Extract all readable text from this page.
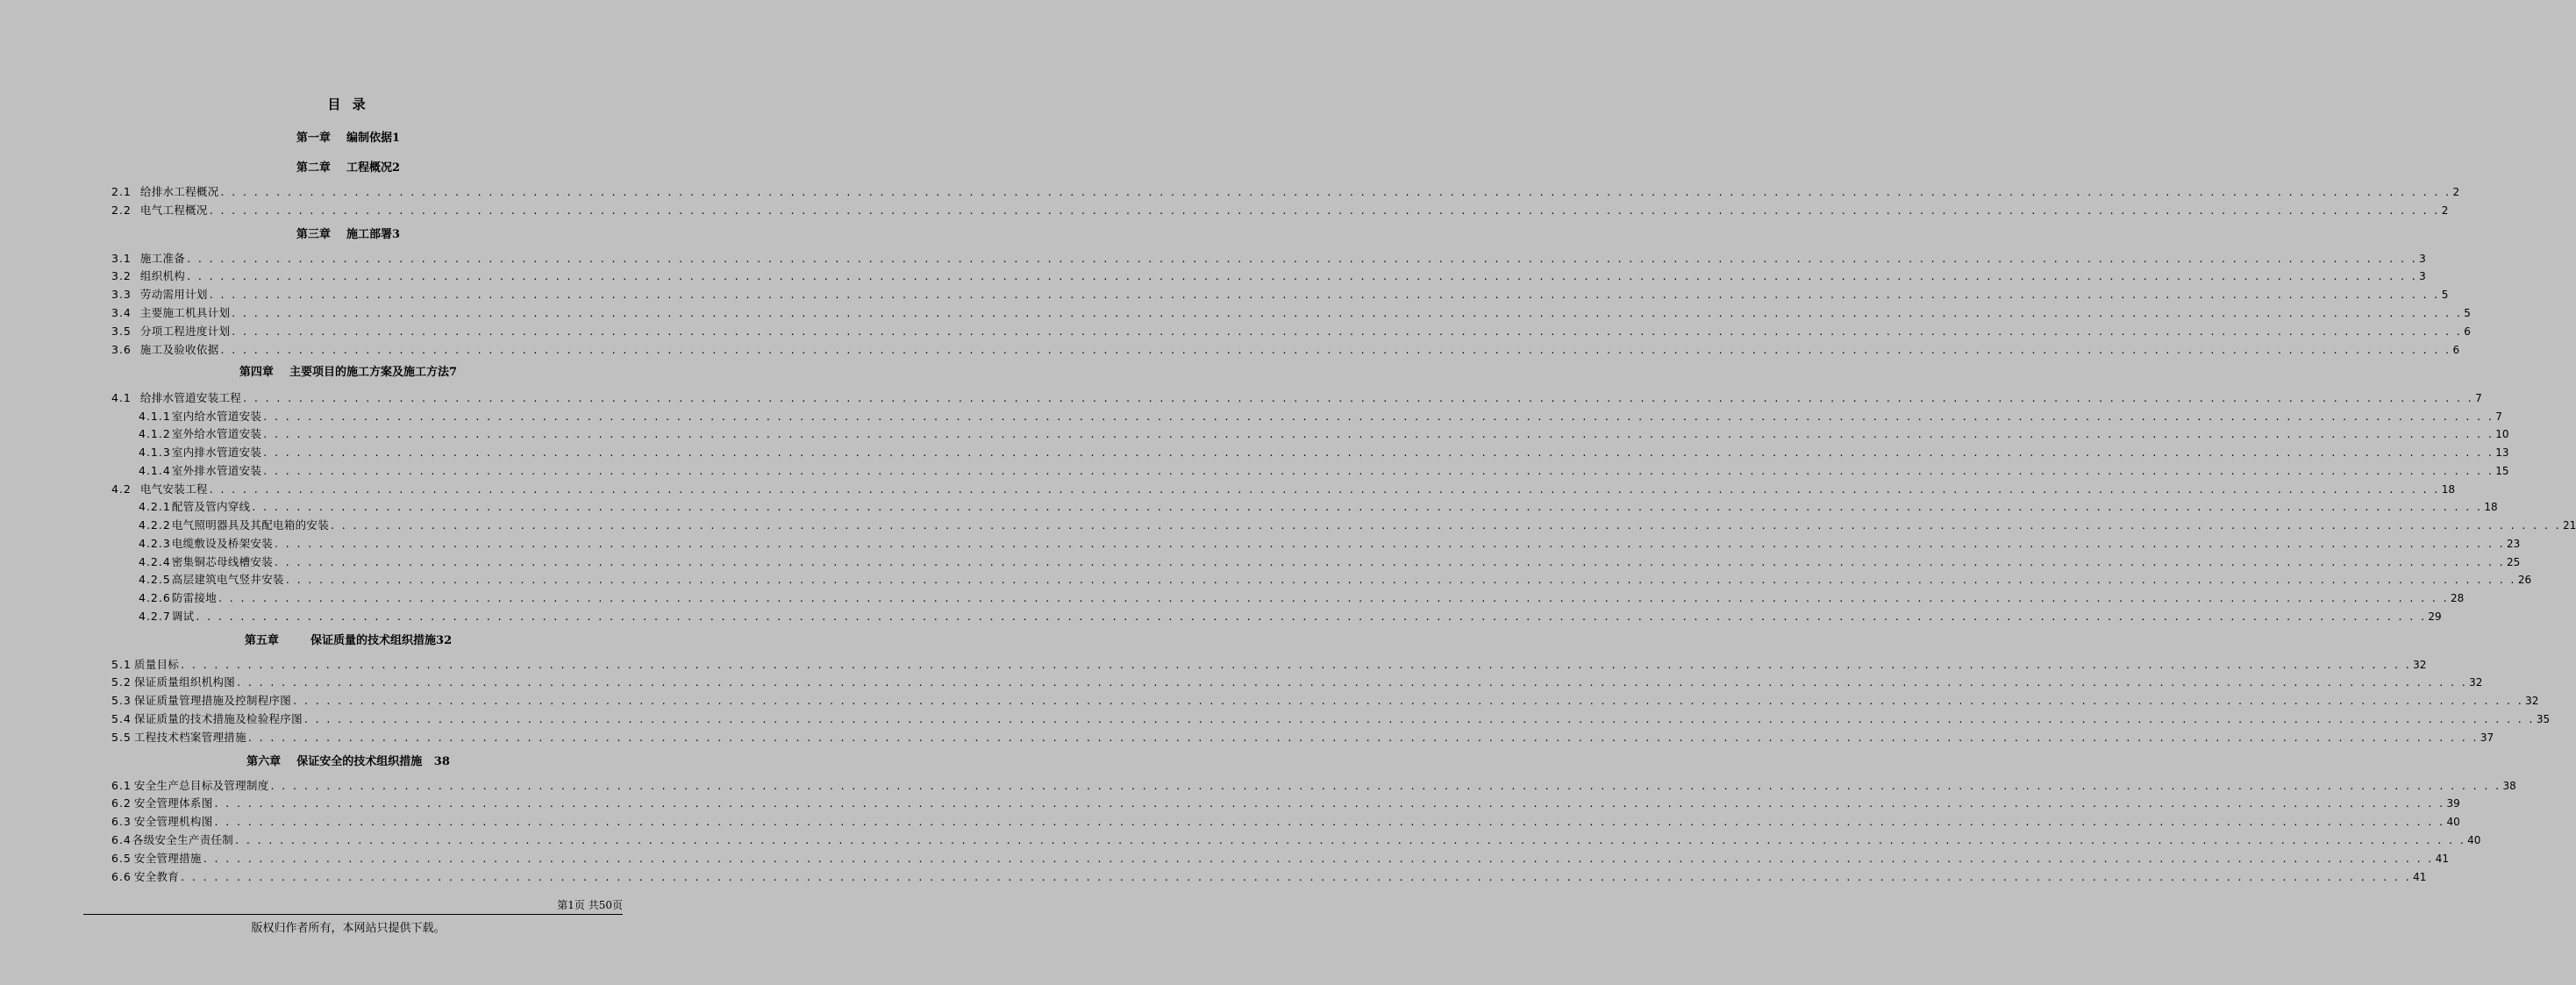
目 录
第一章    编制依据1
第二章    工程概况2
第三章    施工部署3
第四章    主要项目的施工方案及施工方法7
第五章        保证质量的技术组织措施32
第六章    保证安全的技术组织措施   38
2.1 给排水工程概况 . . . . . . . . . . . . . . . . . . . . . . . . . . . . . . . . . . . . . . . . . . . . . . . . . . . . . . . . . . . . . . . . . . . . . . . . . . . . . . . . . . . . . . . . . . . . . . . . . . . . . . . . . . . . . . . . . . . . . . . . . . . . . . . . . . . . . . . . . . . . . . . . . . . . . . . . . . . . . . . . . . . . . . . . . . . . . . . . . . . . . . . . . . . . . . . . . . . . . . . . 2
2.2 电气工程概况 . . . . . . . . . . . . . . . . . . . . . . . . . . . . . . . . . . . . . . . . . . . . . . . . . . . . . . . . . . . . . . . . . . . . . . . . . . . . . . . . . . . . . . . . . . . . . . . . . . . . . . . . . . . . . . . . . . . . . . . . . . . . . . . . . . . . . . . . . . . . . . . . . . . . . . . . . . . . . . . . . . . . . . . . . . . . . . . . . . . . . . . . . . . . . . . . . . . . . . . . 2
3.1 施工准备 . . . . . . . . . . . . . . . . . . . . . . . . . . . . . . . . . . . . . . . . . . . . . . . . . . . . . . . . . . . . . . . . . . . . . . . . . . . . . . . . . . . . . . . . . . . . . . . . . . . . . . . . . . . . . . . . . . . . . . . . . . . . . . . . . . . . . . . . . . . . . . . . . . . . . . . . . . . . . . . . . . . . . . . . . . . . . . . . . . . . . . . . . . . . . . . . . . . . . . . . 3
3.2 组织机构 . . . . . . . . . . . . . . . . . . . . . . . . . . . . . . . . . . . . . . . . . . . . . . . . . . . . . . . . . . . . . . . . . . . . . . . . . . . . . . . . . . . . . . . . . . . . . . . . . . . . . . . . . . . . . . . . . . . . . . . . . . . . . . . . . . . . . . . . . . . . . . . . . . . . . . . . . . . . . . . . . . . . . . . . . . . . . . . . . . . . . . . . . . . . . . . . . . . . . . . . 3
3.3 劳动需用计划 . . . . . . . . . . . . . . . . . . . . . . . . . . . . . . . . . . . . . . . . . . . . . . . . . . . . . . . . . . . . . . . . . . . . . . . . . . . . . . . . . . . . . . . . . . . . . . . . . . . . . . . . . . . . . . . . . . . . . . . . . . . . . . . . . . . . . . . . . . . . . . . . . . . . . . . . . . . . . . . . . . . . . . . . . . . . . . . . . . . . . . . . . . . . . . . . . . . . . . . . 5
3.4 主要施工机具计划 . . . . . . . . . . . . . . . . . . . . . . . . . . . . . . . . . . . . . . . . . . . . . . . . . . . . . . . . . . . . . . . . . . . . . . . . . . . . . . . . . . . . . . . . . . . . . . . . . . . . . . . . . . . . . . . . . . . . . . . . . . . . . . . . . . . . . . . . . . . . . . . . . . . . . . . . . . . . . . . . . . . . . . . . . . . . . . . . . . . . . . . . . . . . . . . . . . . . . . . . 5
3.5 分项工程进度计划 . . . . . . . . . . . . . . . . . . . . . . . . . . . . . . . . . . . . . . . . . . . . . . . . . . . . . . . . . . . . . . . . . . . . . . . . . . . . . . . . . . . . . . . . . . . . . . . . . . . . . . . . . . . . . . . . . . . . . . . . . . . . . . . . . . . . . . . . . . . . . . . . . . . . . . . . . . . . . . . . . . . . . . . . . . . . . . . . . . . . . . . . . . . . . . . . . . . . . . . . 6
3.6 施工及验收依据 . . . . . . . . . . . . . . . . . . . . . . . . . . . . . . . . . . . . . . . . . . . . . . . . . . . . . . . . . . . . . . . . . . . . . . . . . . . . . . . . . . . . . . . . . . . . . . . . . . . . . . . . . . . . . . . . . . . . . . . . . . . . . . . . . . . . . . . . . . . . . . . . . . . . . . . . . . . . . . . . . . . . . . . . . . . . . . . . . . . . . . . . . . . . . . . . . . . . . . . . 6
4.1 给排水管道安装工程 . . . . . . . . . . . . . . . . . . . . . . . . . . . . . . . . . . . . . . . . . . . . . . . . . . . . . . . . . . . . . . . . . . . . . . . . . . . . . . . . . . . . . . . . . . . . . . . . . . . . . . . . . . . . . . . . . . . . . . . . . . . . . . . . . . . . . . . . . . . . . . . . . . . . . . . . . . . . . . . . . . . . . . . . . . . . . . . . . . . . . . . . . . . . . . . . . . . . . . . . 7
4.1.1 室内给水管道安装 . . . . . . . . . . . . . . . . . . . . . . . . . . . . . . . . . . . . . . . . . . . . . . . . . . . . . . . . . . . . . . . . . . . . . . . . . . . . . . . . . . . . . . . . . . . . . . . . . . . . . . . . . . . . . . . . . . . . . . . . . . . . . . . . . . . . . . . . . . . . . . . . . . . . . . . . . . . . . . . . . . . . . . . . . . . . . . . . . . . . . . . . . . . . . . . . . . . . . . . . 7
4.1.2 室外给水管道安装 . . . . . . . . . . . . . . . . . . . . . . . . . . . . . . . . . . . . . . . . . . . . . . . . . . . . . . . . . . . . . . . . . . . . . . . . . . . . . . . . . . . . . . . . . . . . . . . . . . . . . . . . . . . . . . . . . . . . . . . . . . . . . . . . . . . . . . . . . . . . . . . . . . . . . . . . . . . . . . . . . . . . . . . . . . . . . . . . . . . . . . . . . . . . . . . . . . . . . . . . 10
4.1.3 室内排水管道安装 . . . . . . . . . . . . . . . . . . . . . . . . . . . . . . . . . . . . . . . . . . . . . . . . . . . . . . . . . . . . . . . . . . . . . . . . . . . . . . . . . . . . . . . . . . . . . . . . . . . . . . . . . . . . . . . . . . . . . . . . . . . . . . . . . . . . . . . . . . . . . . . . . . . . . . . . . . . . . . . . . . . . . . . . . . . . . . . . . . . . . . . . . . . . . . . . . . . . . . . . 13
4.1.4 室外排水管道安装 . . . . . . . . . . . . . . . . . . . . . . . . . . . . . . . . . . . . . . . . . . . . . . . . . . . . . . . . . . . . . . . . . . . . . . . . . . . . . . . . . . . . . . . . . . . . . . . . . . . . . . . . . . . . . . . . . . . . . . . . . . . . . . . . . . . . . . . . . . . . . . . . . . . . . . . . . . . . . . . . . . . . . . . . . . . . . . . . . . . . . . . . . . . . . . . . . . . . . . . . 15
4.2 电气安装工程 . . . . . . . . . . . . . . . . . . . . . . . . . . . . . . . . . . . . . . . . . . . . . . . . . . . . . . . . . . . . . . . . . . . . . . . . . . . . . . . . . . . . . . . . . . . . . . . . . . . . . . . . . . . . . . . . . . . . . . . . . . . . . . . . . . . . . . . . . . . . . . . . . . . . . . . . . . . . . . . . . . . . . . . . . . . . . . . . . . . . . . . . . . . . . . . . . . . . . . . . 18
4.2.1 配管及管内穿线 . . . . . . . . . . . . . . . . . . . . . . . . . . . . . . . . . . . . . . . . . . . . . . . . . . . . . . . . . . . . . . . . . . . . . . . . . . . . . . . . . . . . . . . . . . . . . . . . . . . . . . . . . . . . . . . . . . . . . . . . . . . . . . . . . . . . . . . . . . . . . . . . . . . . . . . . . . . . . . . . . . . . . . . . . . . . . . . . . . . . . . . . . . . . . . . . . . . . . . . . 18
4.2.2 电气照明器具及其配电箱的安装 . . . . . . . . . . . . . . . . . . . . . . . . . . . . . . . . . . . . . . . . . . . . . . . . . . . . . . . . . . . . . . . . . . . . . . . . . . . . . . . . . . . . . . . . . . . . . . . . . . . . . . . . . . . . . . . . . . . . . . . . . . . . . . . . . . . . . . . . . . . . . . . . . . . . . . . . . . . . . . . . . . . . . . . . . . . . . . . . . . . . . . . . . . . . . . . . . . . . . . . . 21
4.2.3 电缆敷设及桥架安装 . . . . . . . . . . . . . . . . . . . . . . . . . . . . . . . . . . . . . . . . . . . . . . . . . . . . . . . . . . . . . . . . . . . . . . . . . . . . . . . . . . . . . . . . . . . . . . . . . . . . . . . . . . . . . . . . . . . . . . . . . . . . . . . . . . . . . . . . . . . . . . . . . . . . . . . . . . . . . . . . . . . . . . . . . . . . . . . . . . . . . . . . . . . . . . . . . . . . . . . . 23
4.2.4 密集铜芯母线槽安装 . . . . . . . . . . . . . . . . . . . . . . . . . . . . . . . . . . . . . . . . . . . . . . . . . . . . . . . . . . . . . . . . . . . . . . . . . . . . . . . . . . . . . . . . . . . . . . . . . . . . . . . . . . . . . . . . . . . . . . . . . . . . . . . . . . . . . . . . . . . . . . . . . . . . . . . . . . . . . . . . . . . . . . . . . . . . . . . . . . . . . . . . . . . . . . . . . . . . . . . . 25
4.2.5 高层建筑电气竖井安装 . . . . . . . . . . . . . . . . . . . . . . . . . . . . . . . . . . . . . . . . . . . . . . . . . . . . . . . . . . . . . . . . . . . . . . . . . . . . . . . . . . . . . . . . . . . . . . . . . . . . . . . . . . . . . . . . . . . . . . . . . . . . . . . . . . . . . . . . . . . . . . . . . . . . . . . . . . . . . . . . . . . . . . . . . . . . . . . . . . . . . . . . . . . . . . . . . . . . . . . . 26
4.2.6 防雷接地 . . . . . . . . . . . . . . . . . . . . . . . . . . . . . . . . . . . . . . . . . . . . . . . . . . . . . . . . . . . . . . . . . . . . . . . . . . . . . . . . . . . . . . . . . . . . . . . . . . . . . . . . . . . . . . . . . . . . . . . . . . . . . . . . . . . . . . . . . . . . . . . . . . . . . . . . . . . . . . . . . . . . . . . . . . . . . . . . . . . . . . . . . . . . . . . . . . . . . . . . 28
4.2.7 调试 . . . . . . . . . . . . . . . . . . . . . . . . . . . . . . . . . . . . . . . . . . . . . . . . . . . . . . . . . . . . . . . . . . . . . . . . . . . . . . . . . . . . . . . . . . . . . . . . . . . . . . . . . . . . . . . . . . . . . . . . . . . . . . . . . . . . . . . . . . . . . . . . . . . . . . . . . . . . . . . . . . . . . . . . . . . . . . . . . . . . . . . . . . . . . . . . . . . . . . . . 29
5.1 质量目标 . . . . . . . . . . . . . . . . . . . . . . . . . . . . . . . . . . . . . . . . . . . . . . . . . . . . . . . . . . . . . . . . . . . . . . . . . . . . . . . . . . . . . . . . . . . . . . . . . . . . . . . . . . . . . . . . . . . . . . . . . . . . . . . . . . . . . . . . . . . . . . . . . . . . . . . . . . . . . . . . . . . . . . . . . . . . . . . . . . . . . . . . . . . . . . . . . . . . . . . . 32
5.2 保证质量组织机构图 . . . . . . . . . . . . . . . . . . . . . . . . . . . . . . . . . . . . . . . . . . . . . . . . . . . . . . . . . . . . . . . . . . . . . . . . . . . . . . . . . . . . . . . . . . . . . . . . . . . . . . . . . . . . . . . . . . . . . . . . . . . . . . . . . . . . . . . . . . . . . . . . . . . . . . . . . . . . . . . . . . . . . . . . . . . . . . . . . . . . . . . . . . . . . . . . . . . . . . . . 32
5.3 保证质量管理措施及控制程序图 . . . . . . . . . . . . . . . . . . . . . . . . . . . . . . . . . . . . . . . . . . . . . . . . . . . . . . . . . . . . . . . . . . . . . . . . . . . . . . . . . . . . . . . . . . . . . . . . . . . . . . . . . . . . . . . . . . . . . . . . . . . . . . . . . . . . . . . . . . . . . . . . . . . . . . . . . . . . . . . . . . . . . . . . . . . . . . . . . . . . . . . . . . . . . . . . . . . . . . . . 32
5.4 保证质量的技术措施及检验程序图 . . . . . . . . . . . . . . . . . . . . . . . . . . . . . . . . . . . . . . . . . . . . . . . . . . . . . . . . . . . . . . . . . . . . . . . . . . . . . . . . . . . . . . . . . . . . . . . . . . . . . . . . . . . . . . . . . . . . . . . . . . . . . . . . . . . . . . . . . . . . . . . . . . . . . . . . . . . . . . . . . . . . . . . . . . . . . . . . . . . . . . . . . . . . . . . . . . . . . . . . 35
5.5 工程技术档案管理措施 . . . . . . . . . . . . . . . . . . . . . . . . . . . . . . . . . . . . . . . . . . . . . . . . . . . . . . . . . . . . . . . . . . . . . . . . . . . . . . . . . . . . . . . . . . . . . . . . . . . . . . . . . . . . . . . . . . . . . . . . . . . . . . . . . . . . . . . . . . . . . . . . . . . . . . . . . . . . . . . . . . . . . . . . . . . . . . . . . . . . . . . . . . . . . . . . . . . . . . . . 37
6.1 安全生产总目标及管理制度 . . . . . . . . . . . . . . . . . . . . . . . . . . . . . . . . . . . . . . . . . . . . . . . . . . . . . . . . . . . . . . . . . . . . . . . . . . . . . . . . . . . . . . . . . . . . . . . . . . . . . . . . . . . . . . . . . . . . . . . . . . . . . . . . . . . . . . . . . . . . . . . . . . . . . . . . . . . . . . . . . . . . . . . . . . . . . . . . . . . . . . . . . . . . . . . . . . . . . . . . 38
6.2 安全管理体系图 . . . . . . . . . . . . . . . . . . . . . . . . . . . . . . . . . . . . . . . . . . . . . . . . . . . . . . . . . . . . . . . . . . . . . . . . . . . . . . . . . . . . . . . . . . . . . . . . . . . . . . . . . . . . . . . . . . . . . . . . . . . . . . . . . . . . . . . . . . . . . . . . . . . . . . . . . . . . . . . . . . . . . . . . . . . . . . . . . . . . . . . . . . . . . . . . . . . . . . . . 39
6.3 安全管理机构图 . . . . . . . . . . . . . . . . . . . . . . . . . . . . . . . . . . . . . . . . . . . . . . . . . . . . . . . . . . . . . . . . . . . . . . . . . . . . . . . . . . . . . . . . . . . . . . . . . . . . . . . . . . . . . . . . . . . . . . . . . . . . . . . . . . . . . . . . . . . . . . . . . . . . . . . . . . . . . . . . . . . . . . . . . . . . . . . . . . . . . . . . . . . . . . . . . . . . . . . . 40
6.4 各级安全生产责任制 . . . . . . . . . . . . . . . . . . . . . . . . . . . . . . . . . . . . . . . . . . . . . . . . . . . . . . . . . . . . . . . . . . . . . . . . . . . . . . . . . . . . . . . . . . . . . . . . . . . . . . . . . . . . . . . . . . . . . . . . . . . . . . . . . . . . . . . . . . . . . . . . . . . . . . . . . . . . . . . . . . . . . . . . . . . . . . . . . . . . . . . . . . . . . . . . . . . . . . . . 40
6.5 安全管理措施 . . . . . . . . . . . . . . . . . . . . . . . . . . . . . . . . . . . . . . . . . . . . . . . . . . . . . . . . . . . . . . . . . . . . . . . . . . . . . . . . . . . . . . . . . . . . . . . . . . . . . . . . . . . . . . . . . . . . . . . . . . . . . . . . . . . . . . . . . . . . . . . . . . . . . . . . . . . . . . . . . . . . . . . . . . . . . . . . . . . . . . . . . . . . . . . . . . . . . . . . 41
6.6 安全教育 . . . . . . . . . . . . . . . . . . . . . . . . . . . . . . . . . . . . . . . . . . . . . . . . . . . . . . . . . . . . . . . . . . . . . . . . . . . . . . . . . . . . . . . . . . . . . . . . . . . . . . . . . . . . . . . . . . . . . . . . . . . . . . . . . . . . . . . . . . . . . . . . . . . . . . . . . . . . . . . . . . . . . . . . . . . . . . . . . . . . . . . . . . . . . . . . . . . . . . . . 41
第1页 共50页
版权归作者所有，本网站只提供下载。
